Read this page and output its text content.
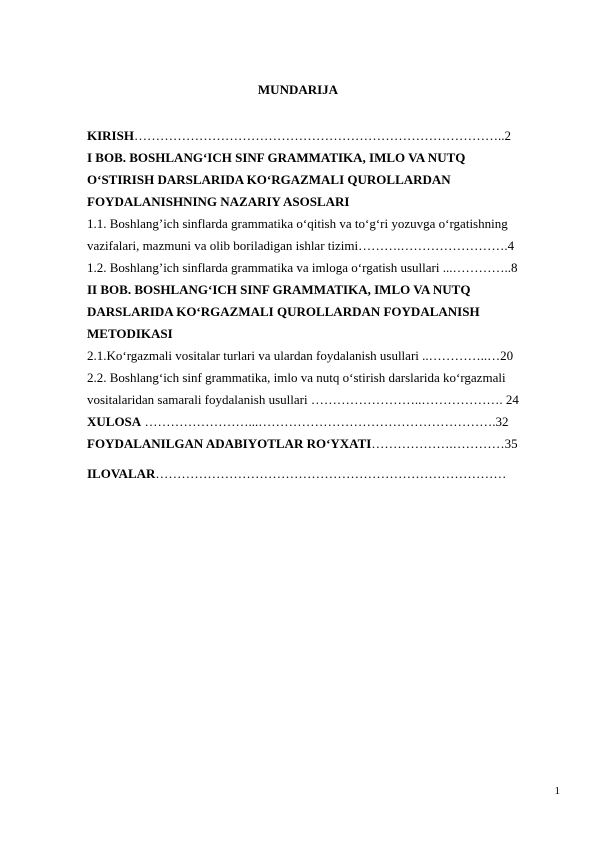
MUNDARIJA
KIRISH…………………………………………………………………………..2
I BOB. BOSHLANG‘ICH SINF GRAMMATIKA, IMLO VA NUTQ
O‘STIRISH DARSLARIDA KO‘RGAZMALI QUROLLARDAN
FOYDALANISHNING NAZARIY ASOSLARI
1.1. Boshlang’ich sinflarda grammatika o‘qitish va to‘g‘ri yozuvga o‘rgatishning
vazifalari, mazmuni va olib boriladigan ishlar tizimi……….…………………….4
1.2. Boshlang’ich sinflarda grammatika va imloga o‘rgatish usullari ...…………..8
II BOB. BOSHLANG‘ICH SINF GRAMMATIKA, IMLO VA NUTQ
DARSLARIDA KO‘RGAZMALI QUROLLARDAN FOYDALANISH
METODIKASI
2.1.Ko‘rgazmali vositalar turlari va ulardan foydalanish usullari ..…………..…20
2.2. Boshlang‘ich sinf grammatika, imlo va nutq o‘stirish darslarida ko‘rgazmali
vositalaridan samarali foydalanish usullari ……………………..………………. 24
XULOSA ……………………...……………………………………………….32
FOYDALANILGAN ADABIYOTLAR RO‘YXATI……………….…………35
ILOVALAR………………………………………………………………………
1
